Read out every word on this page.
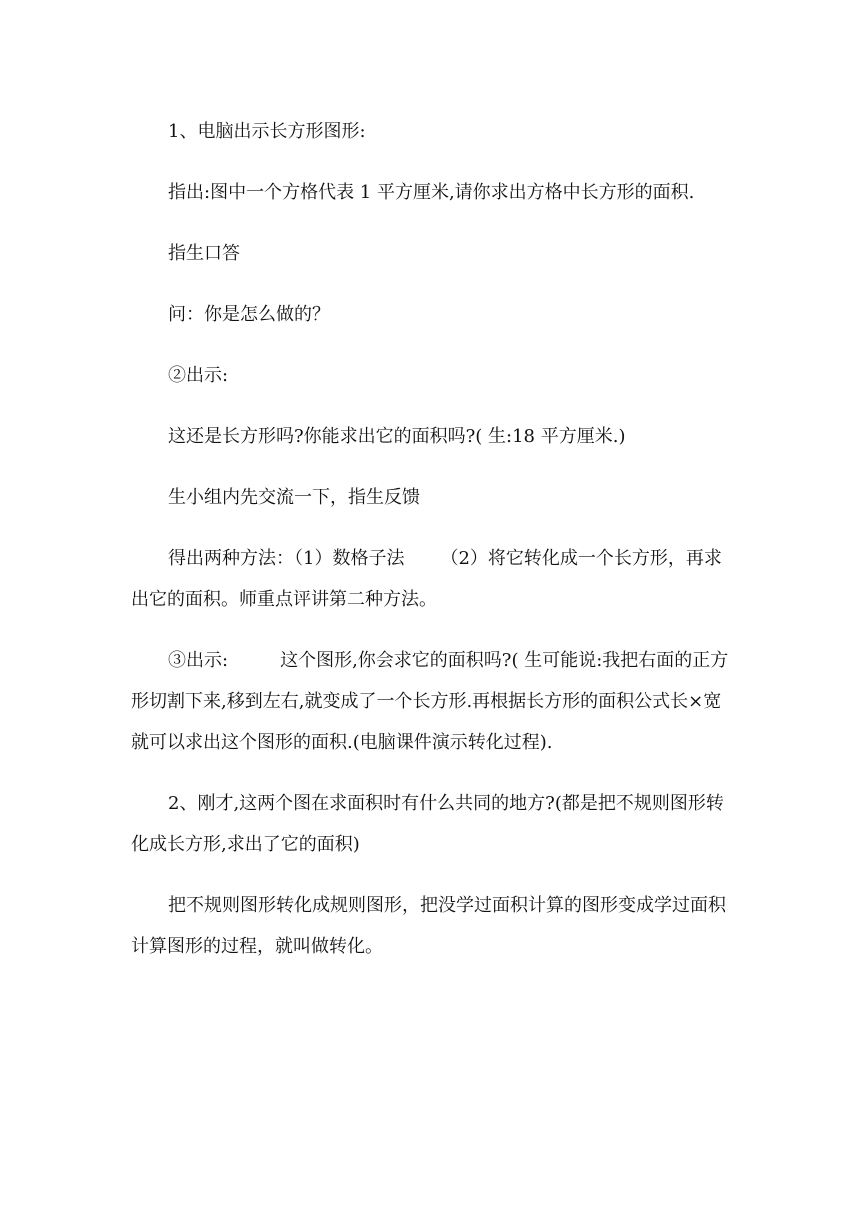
1、电脑出示长方形图形:

指出:图中一个方格代表 1 平方厘米,请你求出方格中长方形的面积.

指生口答

问：你是怎么做的？

②出示:

这还是长方形吗?你能求出它的面积吗?( 生:18 平方厘米.)

生小组内先交流一下，指生反馈

得出两种方法：（1）数格子法 （2）将它转化成一个长方形，再求出它的面积。师重点评讲第二种方法。

③出示:	这个图形,你会求它的面积吗?( 生可能说:我把右面的正方形切割下来,移到左右,就变成了一个长方形.再根据长方形的面积公式长×宽就可以求出这个图形的面积.(电脑课件演示转化过程).

2、刚才,这两个图在求面积时有什么共同的地方?(都是把不规则图形转化成长方形,求出了它的面积)

把不规则图形转化成规则图形，把没学过面积计算的图形变成学过面积计算图形的过程，就叫做转化。
